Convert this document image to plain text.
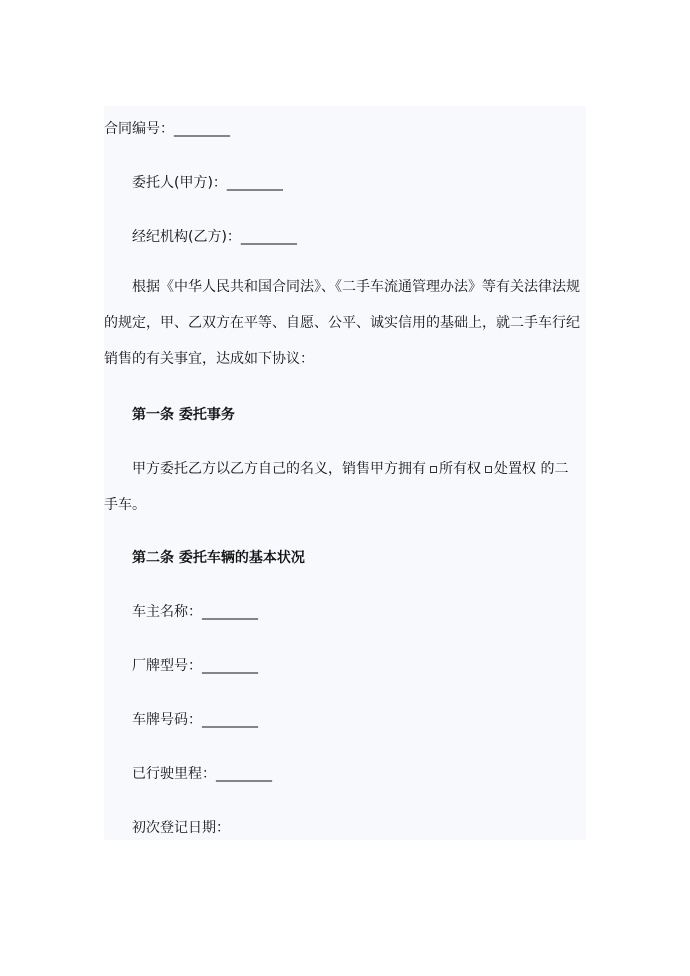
合同编号：________
委托人(甲方)：________
经纪机构(乙方)：________
根据《中华人民共和国合同法》、《二手车流通管理办法》等有关法律法规的规定，甲、乙双方在平等、自愿、公平、诚实信用的基础上，就二手车行纪销售的有关事宜，达成如下协议：
第一条 委托事务
甲方委托乙方以乙方自己的名义，销售甲方拥有 所有权 处置权 的二手车。
第二条 委托车辆的基本状况
车主名称：________
厂牌型号：________
车牌号码：________
已行驶里程：________
初次登记日期：
